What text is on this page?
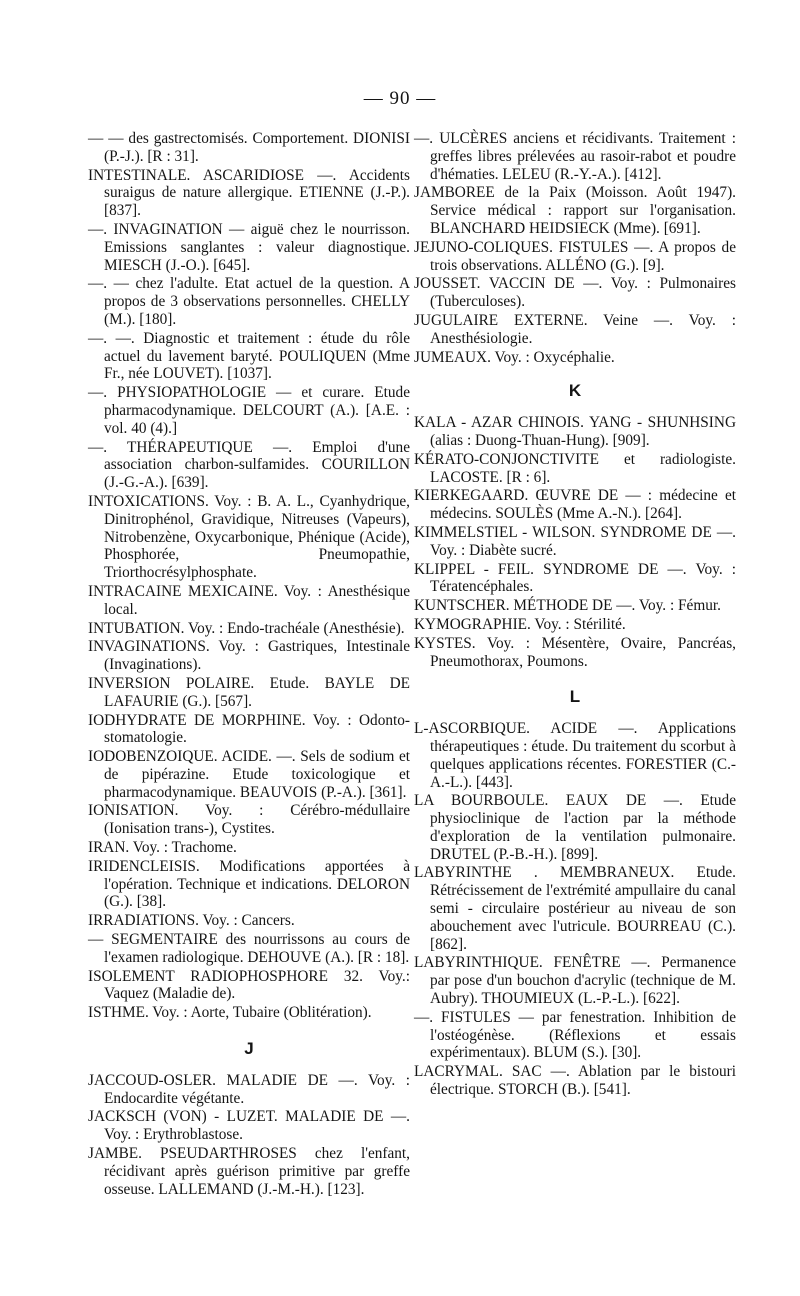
— 90 —

— — des gastrectomisés. Comportement. DIONISI (P.-J.). [R : 31].

INTESTINALE. ASCARIDIOSE —. Accidents suraigus de nature allergique. ETIENNE (J.-P.). [837].

—. INVAGINATION — aiguë chez le nourrisson. Emissions sanglantes : valeur diagnostique. MIESCH (J.-O.). [645].

—. — chez l'adulte. Etat actuel de la question. A propos de 3 observations personnelles. CHELLY (M.). [180].

—. —. Diagnostic et traitement : étude du rôle actuel du lavement baryté. POULIQUEN (Mme Fr., née LOUVET). [1037].

—. PHYSIOPATHOLOGIE — et curare. Etude pharmacodynamique. DELCOURT (A.). [A.E. : vol. 40 (4).]

—. THÉRAPEUTIQUE —. Emploi d'une association charbon-sulfamides. COURILLON (J.-G.-A.). [639].

INTOXICATIONS. Voy. : B. A. L., Cyanhydrique, Dinitrophénol, Gravidique, Nitreuses (Vapeurs), Nitrobenzène, Oxycarbonique, Phénique (Acide), Phosphorée, Pneumopathie, Triorthocrésylphosphate.

INTRACAINE MEXICAINE. Voy. : Anesthésique local.

INTUBATION. Voy. : Endo-trachéale (Anesthésie).

INVAGINATIONS. Voy. : Gastriques, Intestinale (Invaginations).

INVERSION POLAIRE. Etude. BAYLE DE LAFAURIE (G.). [567].

IODHYDRATE DE MORPHINE. Voy. : Odonto-stomatologie.

IODOBENZOIQUE. ACIDE. —. Sels de sodium et de pipérazine. Etude toxicologique et pharmacodynamique. BEAUVOIS (P.-A.). [361].

IONISATION. Voy. : Cérébro-médullaire (Ionisation trans-), Cystites.

IRAN. Voy. : Trachome.

IRIDENCLEISIS. Modifications apportées à l'opération. Technique et indications. DELORON (G.). [38].

IRRADIATIONS. Voy. : Cancers.

— SEGMENTAIRE des nourrissons au cours de l'examen radiologique. DEHOUVE (A.). [R : 18].

ISOLEMENT RADIOPHOSPHORE 32. Voy.: Vaquez (Maladie de).

ISTHME. Voy. : Aorte, Tubaire (Oblitération).

J

JACCOUD-OSLER. MALADIE DE —. Voy. : Endocardite végétante.

JACKSCH (VON) - LUZET. MALADIE DE —. Voy. : Erythroblastose.

JAMBE. PSEUDARTHROSES chez l'enfant, récidivant après guérison primitive par greffe osseuse. LALLEMAND (J.-M.-H.). [123].

—. ULCÈRES anciens et récidivants. Traitement : greffes libres prélevées au rasoir-rabot et poudre d'hématies. LELEU (R.-Y.-A.). [412].

JAMBOREE de la Paix (Moisson. Août 1947). Service médical : rapport sur l'organisation. BLANCHARD HEIDSIECK (Mme). [691].

JEJUNO-COLIQUES. FISTULES —. A propos de trois observations. ALLÉNO (G.). [9].

JOUSSET. VACCIN DE —. Voy. : Pulmonaires (Tuberculoses).

JUGULAIRE EXTERNE. Veine —. Voy. : Anesthésiologie.

JUMEAUX. Voy. : Oxycéphalie.

K

KALA - AZAR CHINOIS. YANG - SHUNHSING (alias : Duong-Thuan-Hung). [909].

KÉRATO-CONJONCTIVITE et radiologiste. LACOSTE. [R : 6].

KIERKEGAARD. ŒUVRE DE — : médecine et médecins. SOULÈS (Mme A.-N.). [264].

KIMMELSTIEL - WILSON. SYNDROME DE —. Voy. : Diabète sucré.

KLIPPEL - FEIL. SYNDROME DE —. Voy. : Tératencéphales.

KUNTSCHER. MÉTHODE DE —. Voy. : Fémur.

KYMOGRAPHIE. Voy. : Stérilité.

KYSTES. Voy. : Mésentère, Ovaire, Pancréas, Pneumothorax, Poumons.

L

L-ASCORBIQUE. ACIDE —. Applications thérapeutiques : étude. Du traitement du scorbut à quelques applications récentes. FORESTIER (C.-A.-L.). [443].

LA BOURBOULE. EAUX DE —. Etude physioclinique de l'action par la méthode d'exploration de la ventilation pulmonaire. DRUTEL (P.-B.-H.). [899].

LABYRINTHE . MEMBRANEUX. Etude. Rétrécissement de l'extrémité ampullaire du canal semi - circulaire postérieur au niveau de son abouchement avec l'utricule. BOURREAU (C.). [862].

LABYRINTHIQUE. FENÊTRE —. Permanence par pose d'un bouchon d'acrylic (technique de M. Aubry). THOUMIEUX (L.-P.-L.). [622].

—. FISTULES — par fenestration. Inhibition de l'ostéogénèse. (Réflexions et essais expérimentaux). BLUM (S.). [30].

LACRYMAL. SAC —. Ablation par le bistouri électrique. STORCH (B.). [541].
